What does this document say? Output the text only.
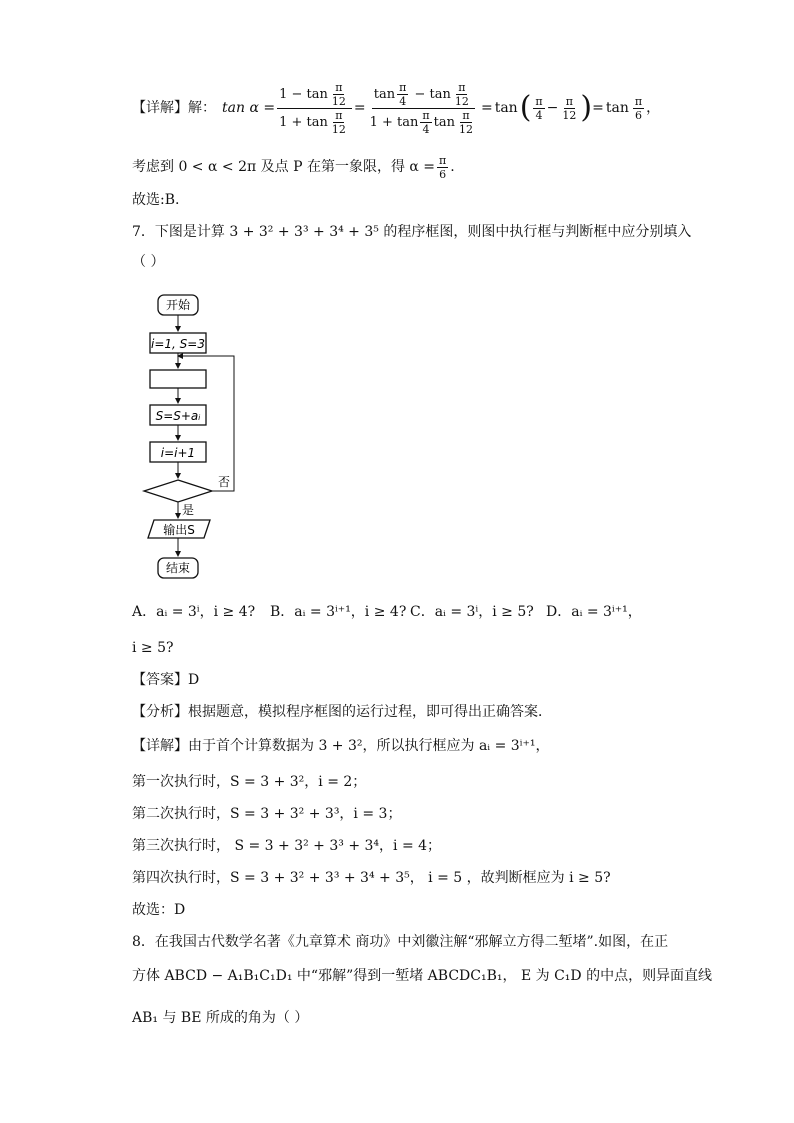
【详解】 解： $\tan \alpha = \frac{1 - \tan \frac{\pi}{12}}{1 + \tan \frac{\pi}{12}} = \frac{\tan \frac{\pi}{4} - \tan \frac{\pi}{12}}{1 + \tan \frac{\pi}{4} \tan \frac{\pi}{12}} = \tan$ ( $\frac{\pi}{4} - \frac{\pi}{12}$ ) = $\tan \frac{\pi}{6}$ ，
考虑到 0 < α < 2π 及点 P 在第一象限，得 $\alpha = \frac{\pi}{6}$ .
故选:B.
7．下图是计算 3 + 3² + 3³ + 3⁴ + 3⁵ 的程序框图，则图中执行框与判断框中应分别填入
（ ）
开始
i=1, S=3
S=S+aᵢ
i=i+1
否
是
输出S
结束
A．aᵢ = 3ⁱ，i ≥ 4? B．aᵢ = 3ⁱ⁺¹，i ≥ 4? C．aᵢ = 3ⁱ，i ≥ 5? D．aᵢ = 3ⁱ⁺¹，
i ≥ 5?
【答案】D
【分析】根据题意，模拟程序框图的运行过程，即可得出正确答案．
【详解】由于首个计算数据为 3 + 3²，所以执行框应为 aᵢ = 3ⁱ⁺¹，
第一次执行时，S = 3 + 3²，i = 2；
第二次执行时，S = 3 + 3² + 3³，i = 3；
第三次执行时， S = 3 + 3² + 3³ + 3⁴，i = 4；
第四次执行时，S = 3 + 3² + 3³ + 3⁴ + 3⁵， i = 5 ，故判断框应为 i ≥ 5?
故选：D
8．在我国古代数学名著《九章算术 商功》中刘徽注解“邪解立方得二堑堵”.如图，在正
方体 ABCD − A₁B₁C₁D₁ 中“邪解”得到一堑堵 ABCDC₁B₁， E 为 C₁D 的中点，则异面直线
AB₁ 与 BE 所成的角为（ ）
